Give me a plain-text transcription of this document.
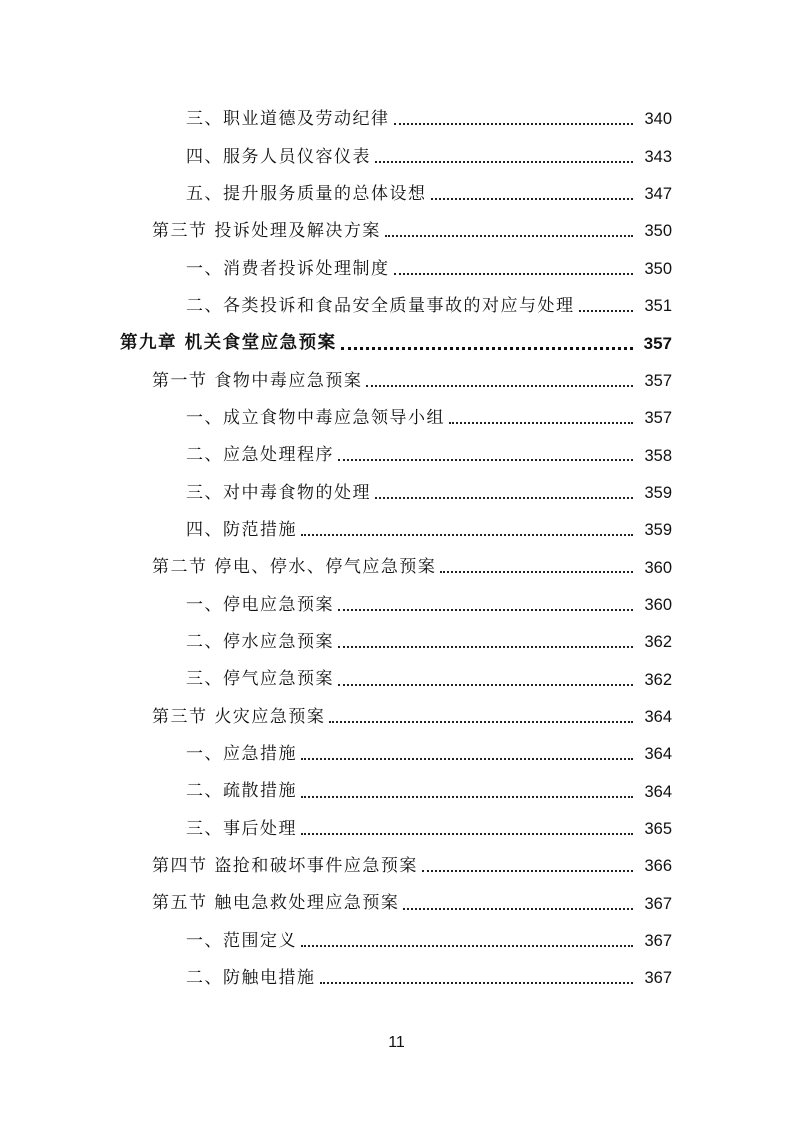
三、职业道德及劳动纪律	340
四、服务人员仪容仪表	343
五、提升服务质量的总体设想	347
第三节 投诉处理及解决方案	350
一、消费者投诉处理制度	350
二、各类投诉和食品安全质量事故的对应与处理	351
第九章 机关食堂应急预案	357
第一节 食物中毒应急预案	357
一、成立食物中毒应急领导小组	357
二、应急处理程序	358
三、对中毒食物的处理	359
四、防范措施	359
第二节 停电、停水、停气应急预案	360
一、停电应急预案	360
二、停水应急预案	362
三、停气应急预案	362
第三节 火灾应急预案	364
一、应急措施	364
二、疏散措施	364
三、事后处理	365
第四节 盗抢和破坏事件应急预案	366
第五节 触电急救处理应急预案	367
一、范围定义	367
二、防触电措施	367
11
